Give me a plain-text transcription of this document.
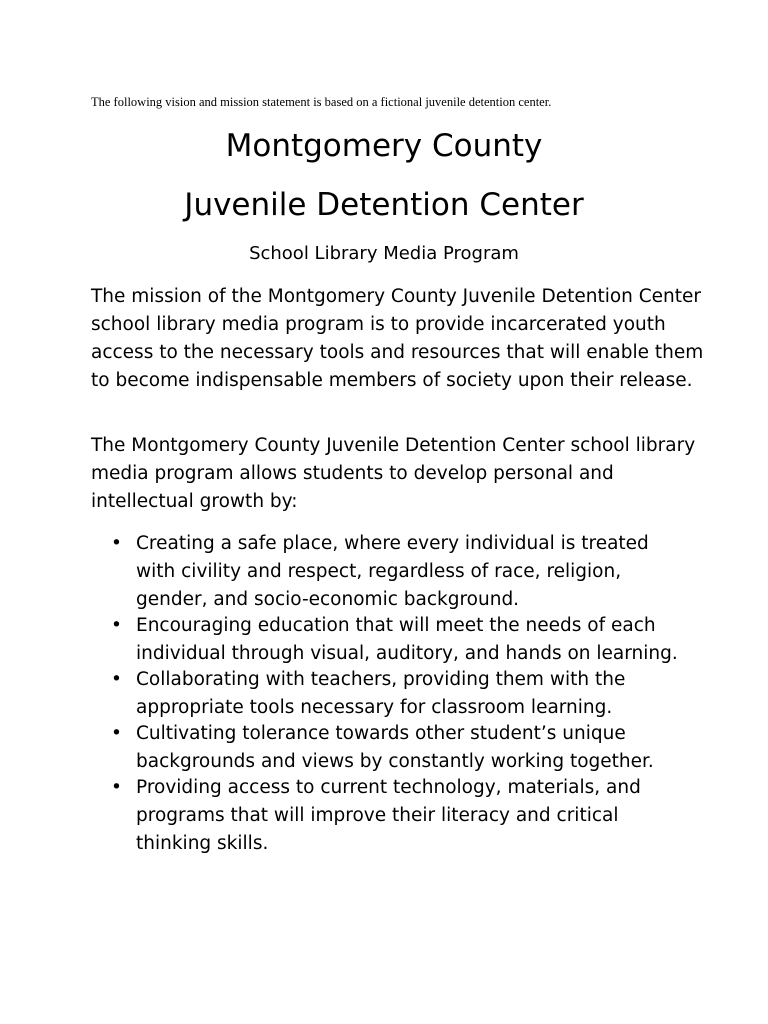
The following vision and mission statement is based on a fictional juvenile detention center.
Montgomery County
Juvenile Detention Center
School Library Media Program

The mission of the Montgomery County Juvenile Detention Center school library media program is to provide incarcerated youth access to the necessary tools and resources that will enable them to become indispensable members of society upon their release.

The Montgomery County Juvenile Detention Center school library media program allows students to develop personal and intellectual growth by:

• Creating a safe place, where every individual is treated with civility and respect, regardless of race, religion, gender, and socio-economic background.
• Encouraging education that will meet the needs of each individual through visual, auditory, and hands on learning.
• Collaborating with teachers, providing them with the appropriate tools necessary for classroom learning.
• Cultivating tolerance towards other student’s unique backgrounds and views by constantly working together.
• Providing access to current technology, materials, and programs that will improve their literacy and critical thinking skills.
